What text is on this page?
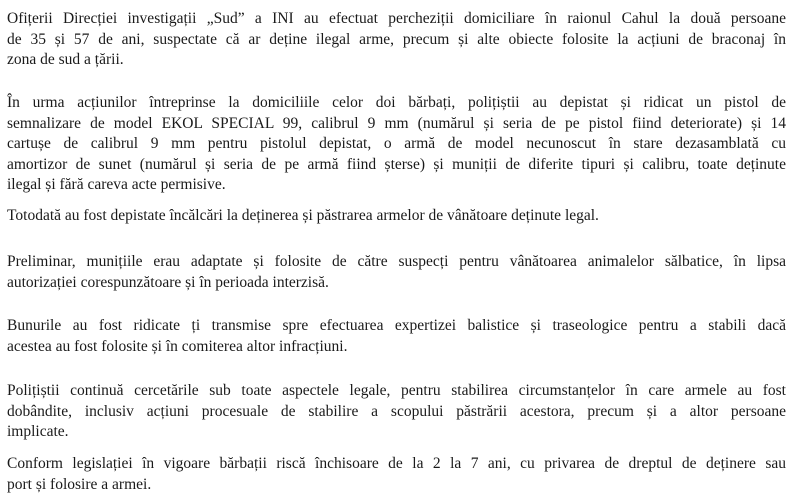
Ofițerii Direcției investigații „Sud” a INI au efectuat percheziții domiciliare în raionul Cahul la două persoane
de 35 și 57 de ani, suspectate că ar deține ilegal arme, precum și alte obiecte folosite la acțiuni de braconaj în
zona de sud a țării.

În urma acțiunilor întreprinse la domiciliile celor doi bărbați, polițiștii au depistat și ridicat un pistol de
semnalizare de model EKOL SPECIAL 99, calibrul 9 mm (numărul și seria de pe pistol fiind deteriorate) și 14
cartușe de calibrul 9 mm pentru pistolul depistat, o armă de model necunoscut în stare dezasamblată cu
amortizor de sunet (numărul și seria de pe armă fiind șterse) și muniții de diferite tipuri și calibru, toate deținute
ilegal și fără careva acte permisive.

Totodată au fost depistate încălcări la deținerea și păstrarea armelor de vânătoare deținute legal.

Preliminar, munițiile erau adaptate și folosite de către suspecți pentru vânătoarea animalelor sălbatice, în lipsa
autorizației corespunzătoare și în perioada interzisă.

Bunurile au fost ridicate ți transmise spre efectuarea expertizei balistice și traseologice pentru a stabili dacă
acestea au fost folosite și în comiterea altor infracțiuni.

Polițiștii continuă cercetările sub toate aspectele legale, pentru stabilirea circumstanțelor în care armele au fost
dobândite, inclusiv acțiuni procesuale de stabilire a scopului păstrării acestora, precum și a altor persoane
implicate.

Conform legislației în vigoare bărbații riscă închisoare de la 2 la 7 ani, cu privarea de dreptul de deținere sau
port și folosire a armei.
